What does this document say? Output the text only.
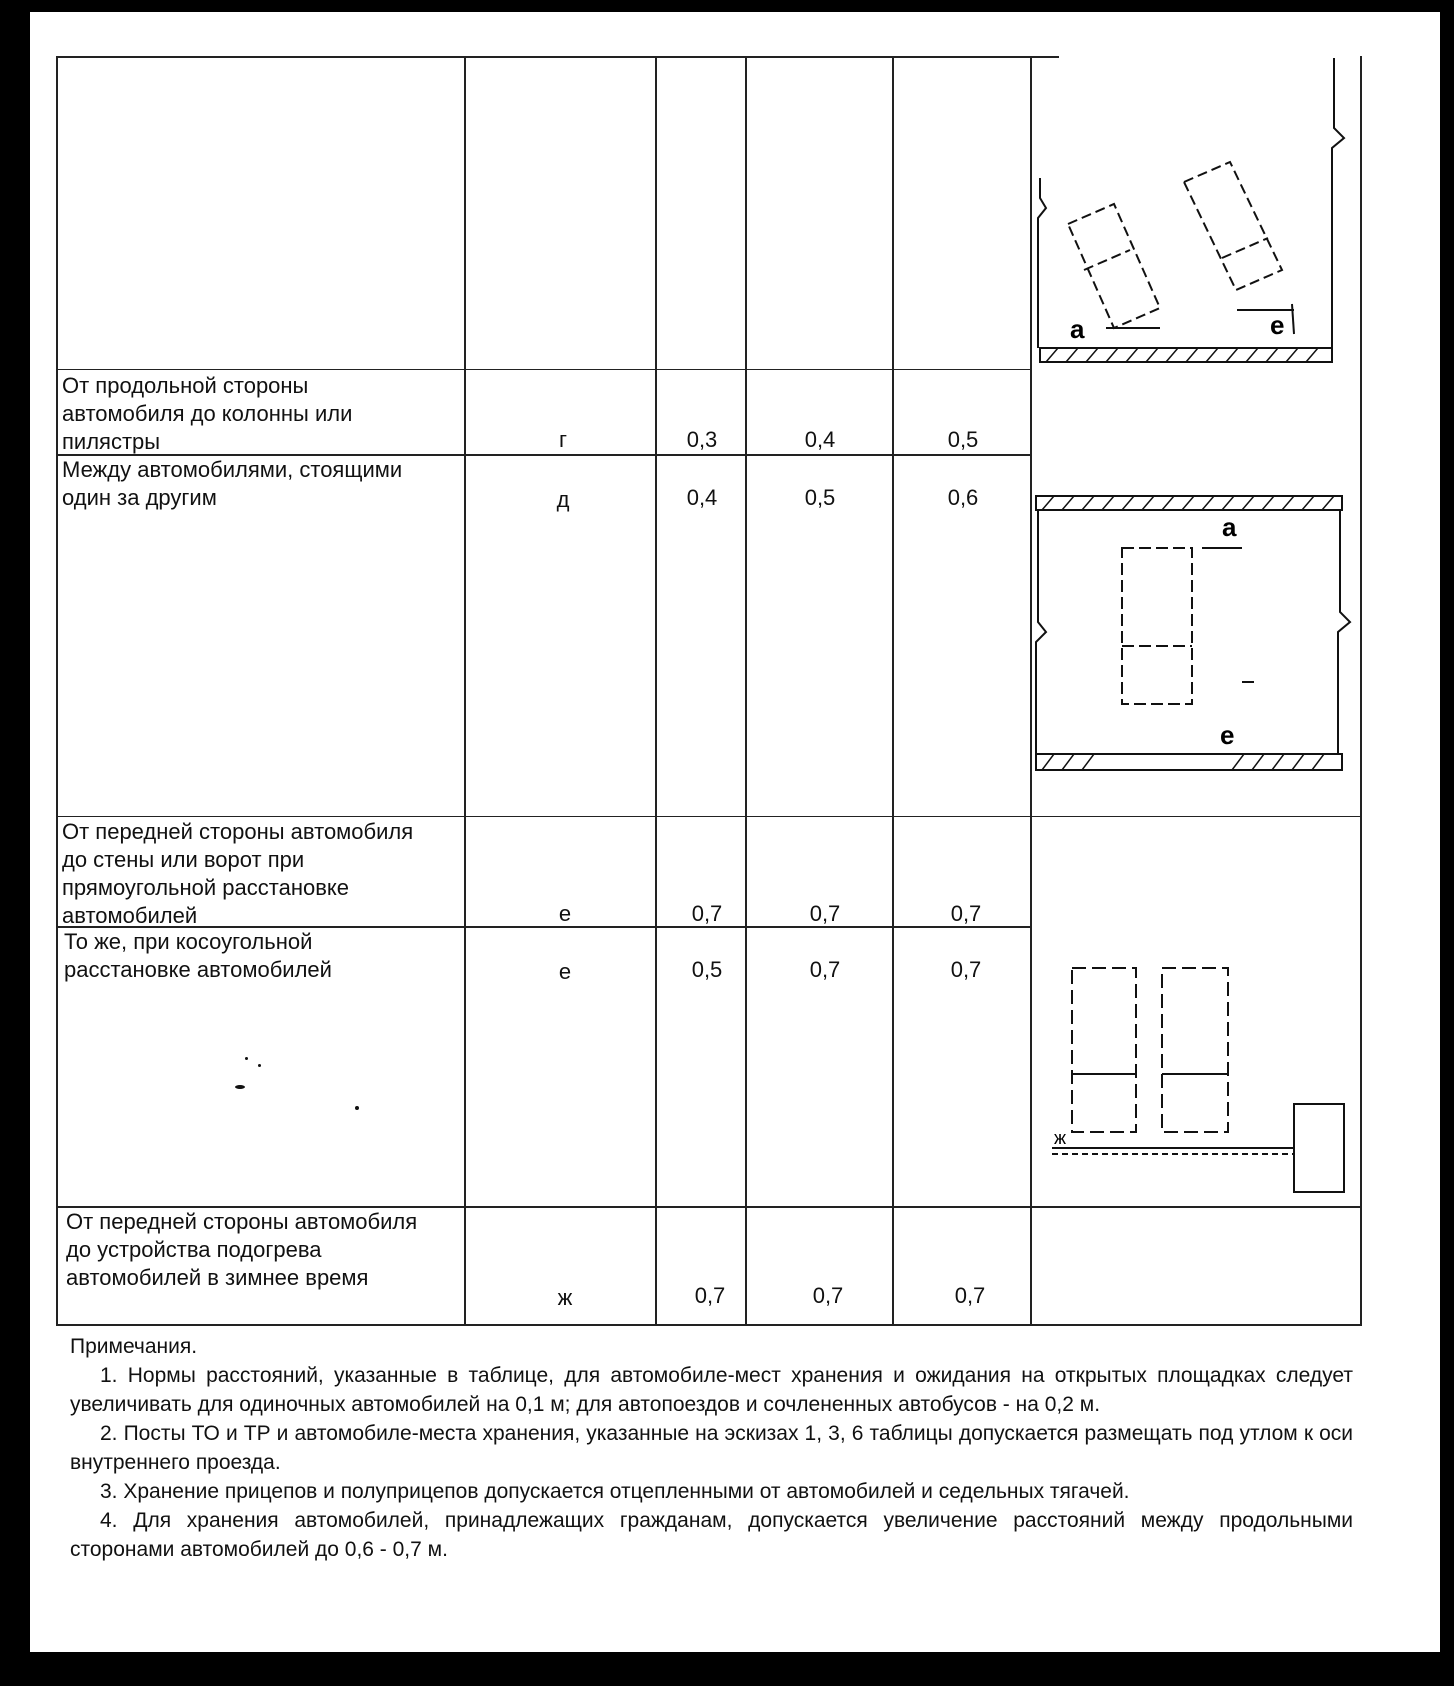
От продольной стороны
автомобиля до колонны или
пилястры	г	0,3	0,4	0,5
Между автомобилями, стоящими
один за другим	д	0,4	0,5	0,6
От передней стороны автомобиля
до стены или ворот при
прямоугольной расстановке
автомобилей	е	0,7	0,7	0,7
То же, при косоугольной
расстановке автомобилей	е	0,5	0,7	0,7
От передней стороны автомобиля
до устройства подогрева
автомобилей в зимнее время
ж	0,7	0,7	0,7
а	е
а
е
ж

Примечания.

1. Нормы расстояний, указанные в таблице, для автомобиле-мест хранения и ожидания на открытых площадках следует увеличивать для одиночных автомобилей на 0,1 м; для автопоездов и сочлененных автобусов - на 0,2 м.

2. Посты ТО и ТР и автомобиле-места хранения, указанные на эскизах 1, 3, 6 таблицы допускается размещать под утлом к оси внутреннего проезда.

3. Хранение прицепов и полуприцепов допускается отцепленными от автомобилей и седельных тягачей.

4. Для хранения автомобилей, принадлежащих гражданам, допускается увеличение расстояний между продольными сторонами автомобилей до 0,6 - 0,7 м.
